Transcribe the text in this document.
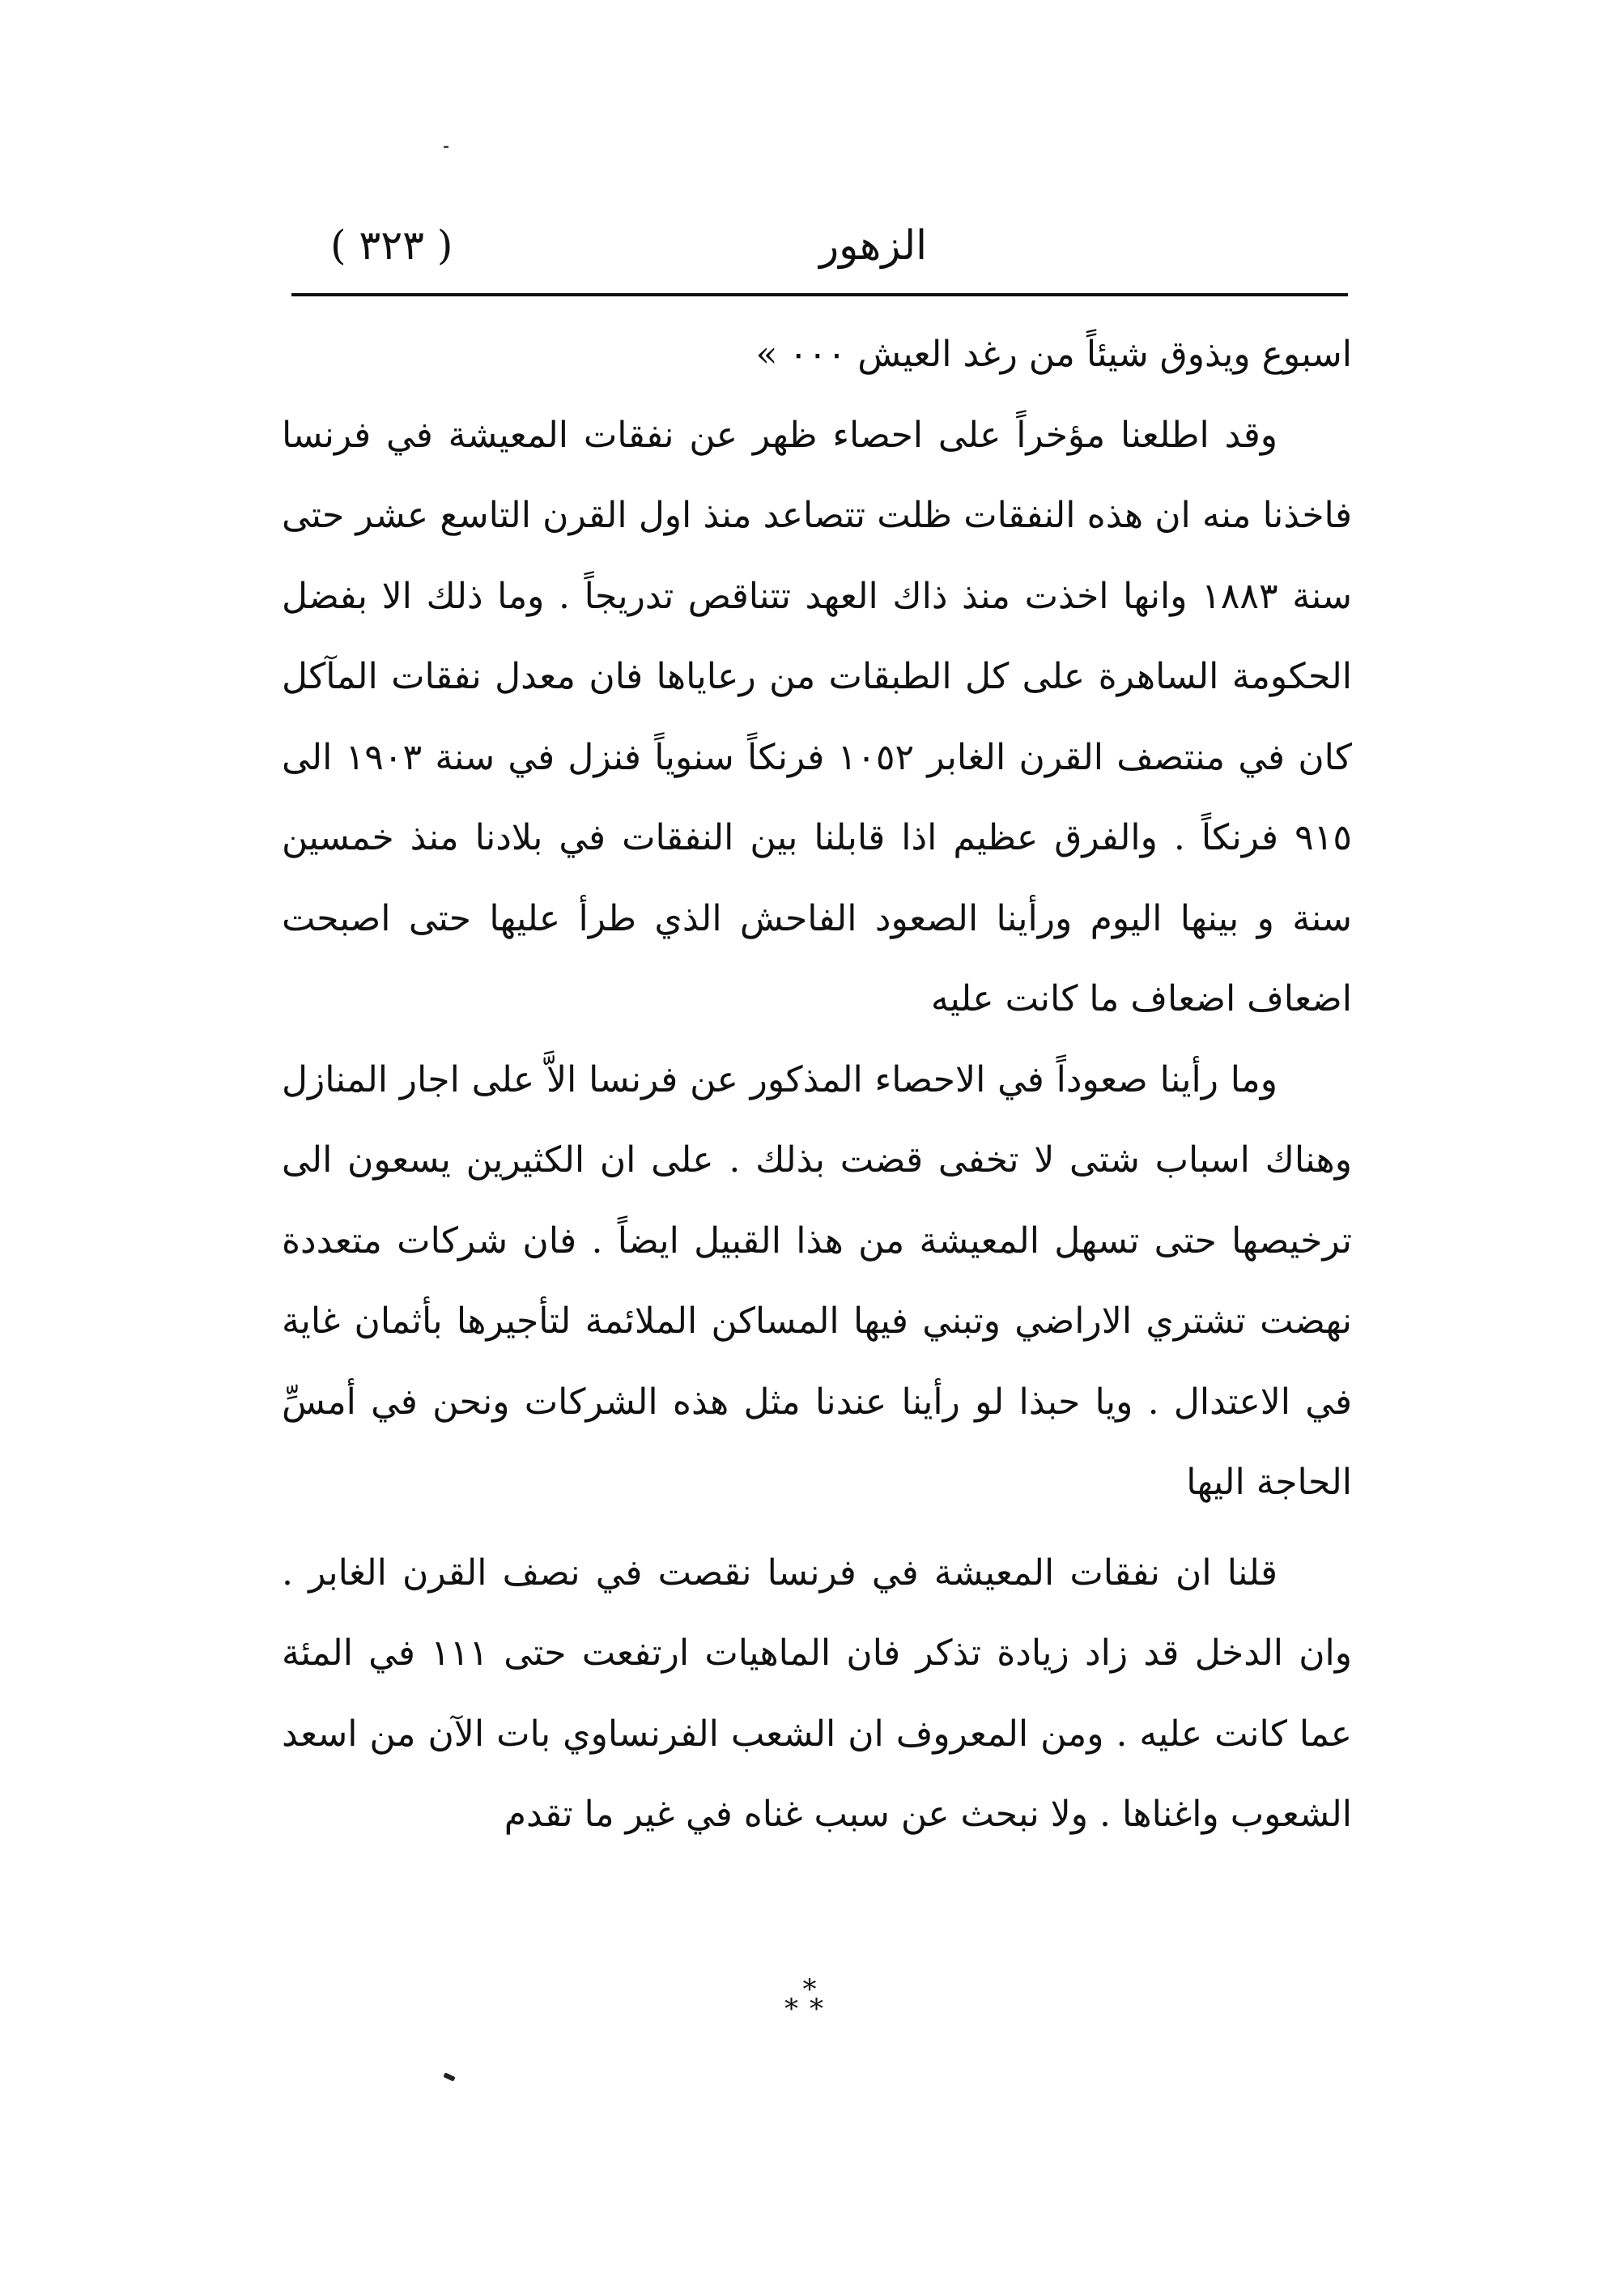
الزهور
( ٣٢٣ )

اسبوع ويذوق شيئاً من رغد العيش ٠٠٠ »

وقد اطلعنا مؤخراً على احصاء ظهر عن نفقات المعيشة في فرنسا فاخذنا منه ان هذه النفقات ظلت تتصاعد منذ اول القرن التاسع عشر حتى سنة ١٨٨٣ وانها اخذت منذ ذاك العهد تتناقص تدريجاً . وما ذلك الا بفضل الحكومة الساهرة على كل الطبقات من رعاياها فان معدل نفقات المآكل كان في منتصف القرن الغابر ١٠٥٢ فرنكاً سنوياً فنزل في سنة ١٩٠٣ الى ٩١٥ فرنكاً . والفرق عظيم اذا قابلنا بين النفقات في بلادنا منذ خمسين سنة و بينها اليوم ورأينا الصعود الفاحش الذي طرأ عليها حتى اصبحت اضعاف اضعاف ما كانت عليه

وما رأينا صعوداً في الاحصاء المذكور عن فرنسا الاَّ على اجار المنازل وهناك اسباب شتى لا تخفى قضت بذلك . على ان الكثيرين يسعون الى ترخيصها حتى تسهل المعيشة من هذا القبيل ايضاً . فان شركات متعددة نهضت تشتري الاراضي وتبني فيها المساكن الملائمة لتأجيرها بأثمان غاية في الاعتدال . ويا حبذا لو رأينا عندنا مثل هذه الشركات ونحن في أمسِّ الحاجة اليها

قلنا ان نفقات المعيشة في فرنسا نقصت في نصف القرن الغابر . وان الدخل قد زاد زيادة تذكر فان الماهيات ارتفعت حتى ١١١ في المئة عما كانت عليه . ومن المعروف ان الشعب الفرنساوي بات الآن من اسعد الشعوب واغناها . ولا نبحث عن سبب غناه في غير ما تقدم

*
**
